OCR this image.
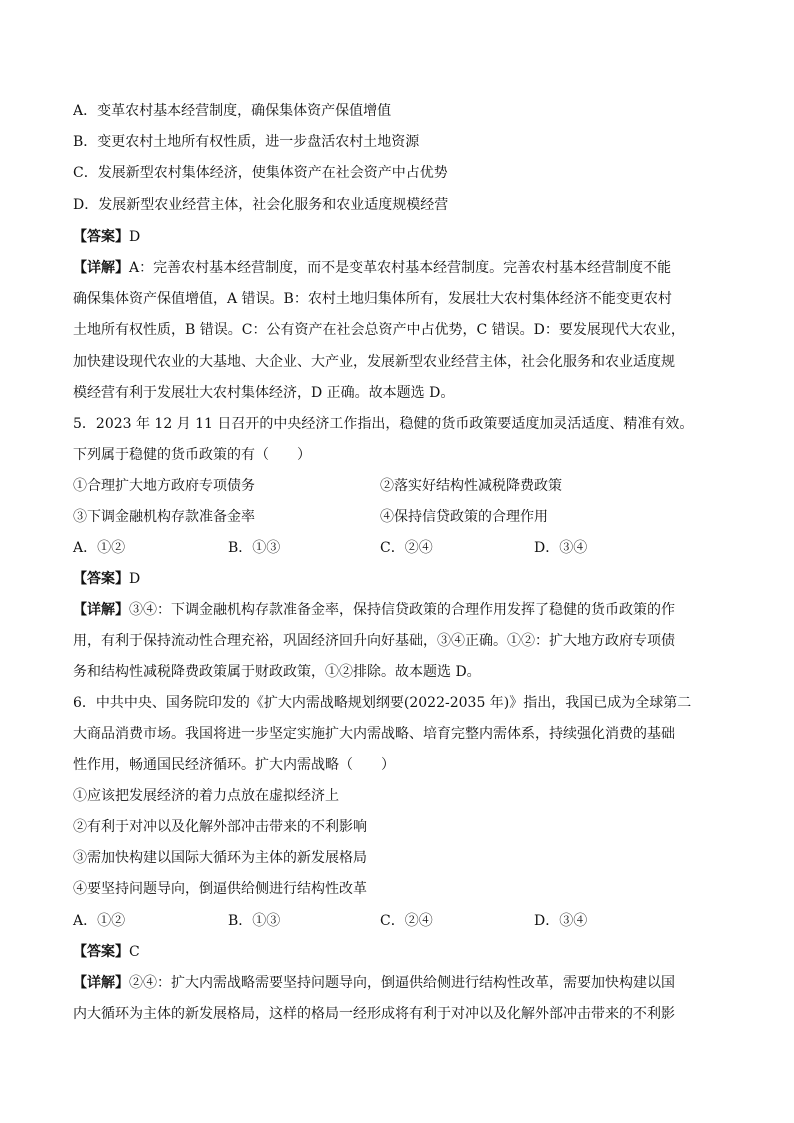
A．变革农村基本经营制度，确保集体资产保值增值
B．变更农村土地所有权性质，进一步盘活农村土地资源
C．发展新型农村集体经济，使集体资产在社会资产中占优势
D．发展新型农业经营主体，社会化服务和农业适度规模经营
【答案】D
【详解】A：完善农村基本经营制度，而不是变革农村基本经营制度。完善农村基本经营制度不能
确保集体资产保值增值，A 错误。B：农村土地归集体所有，发展壮大农村集体经济不能变更农村
土地所有权性质，B 错误。C：公有资产在社会总资产中占优势，C 错误。D：要发展现代大农业，
加快建设现代农业的大基地、大企业、大产业，发展新型农业经营主体，社会化服务和农业适度规
模经营有利于发展壮大农村集体经济，D 正确。故本题选 D。
5．2023 年 12 月 11 日召开的中央经济工作指出，稳健的货币政策要适度加灵活适度、精准有效。
下列属于稳健的货币政策的有（　　）
①合理扩大地方政府专项债务	②落实好结构性减税降费政策
③下调金融机构存款准备金率	④保持信贷政策的合理作用
A．①②	B．①③	C．②④	D．③④
【答案】D
【详解】③④：下调金融机构存款准备金率，保持信贷政策的合理作用发挥了稳健的货币政策的作
用，有利于保持流动性合理充裕，巩固经济回升向好基础，③④正确。①②：扩大地方政府专项债
务和结构性减税降费政策属于财政政策，①②排除。故本题选 D。
6．中共中央、国务院印发的《扩大内需战略规划纲要(2022-2035 年)》指出，我国已成为全球第二
大商品消费市场。我国将进一步坚定实施扩大内需战略、培育完整内需体系，持续强化消费的基础
性作用，畅通国民经济循环。扩大内需战略（　　）
①应该把发展经济的着力点放在虚拟经济上
②有利于对冲以及化解外部冲击带来的不利影响
③需加快构建以国际大循环为主体的新发展格局
④要坚持问题导向，倒逼供给侧进行结构性改革
A．①②	B．①③	C．②④	D．③④
【答案】C
【详解】②④：扩大内需战略需要坚持问题导向，倒逼供给侧进行结构性改革，需要加快构建以国
内大循环为主体的新发展格局，这样的格局一经形成将有利于对冲以及化解外部冲击带来的不利影
